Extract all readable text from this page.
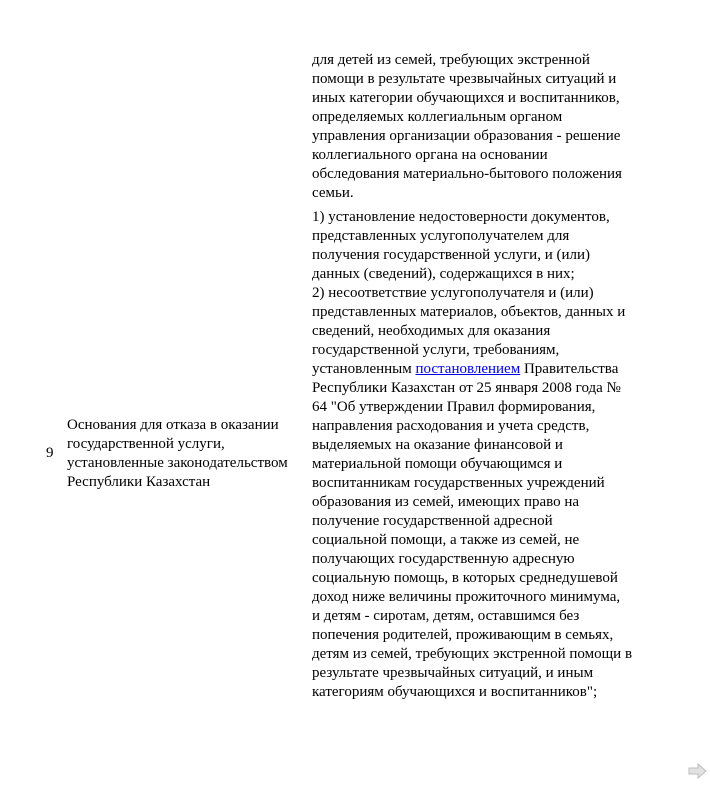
для детей из семей, требующих экстренной

помощи в результате чрезвычайных ситуаций и

иных категории обучающихся и воспитанников,

определяемых коллегиальным органом

управления организации образования - решение

коллегиального органа на основании

обследования материально-бытового положения

семьи.

9

Основания для отказа в оказании

государственной услуги,

установленные законодательством

Республики Казахстан

1) установление недостоверности документов,

представленных услугополучателем для

получения государственной услуги, и (или)

данных (сведений), содержащихся в них;

2) несоответствие услугополучателя и (или)

представленных материалов, объектов, данных и

сведений, необходимых для оказания

государственной услуги, требованиям,

установленным постановлением Правительства

Республики Казахстан от 25 января 2008 года №

64 "Об утверждении Правил формирования,

направления расходования и учета средств,

выделяемых на оказание финансовой и

материальной помощи обучающимся и

воспитанникам государственных учреждений

образования из семей, имеющих право на

получение государственной адресной

социальной помощи, а также из семей, не

получающих государственную адресную

социальную помощь, в которых среднедушевой

доход ниже величины прожиточного минимума,

и детям - сиротам, детям, оставшимся без

попечения родителей, проживающим в семьях,

детям из семей, требующих экстренной помощи в

результате чрезвычайных ситуаций, и иным

категориям обучающихся и воспитанников";
